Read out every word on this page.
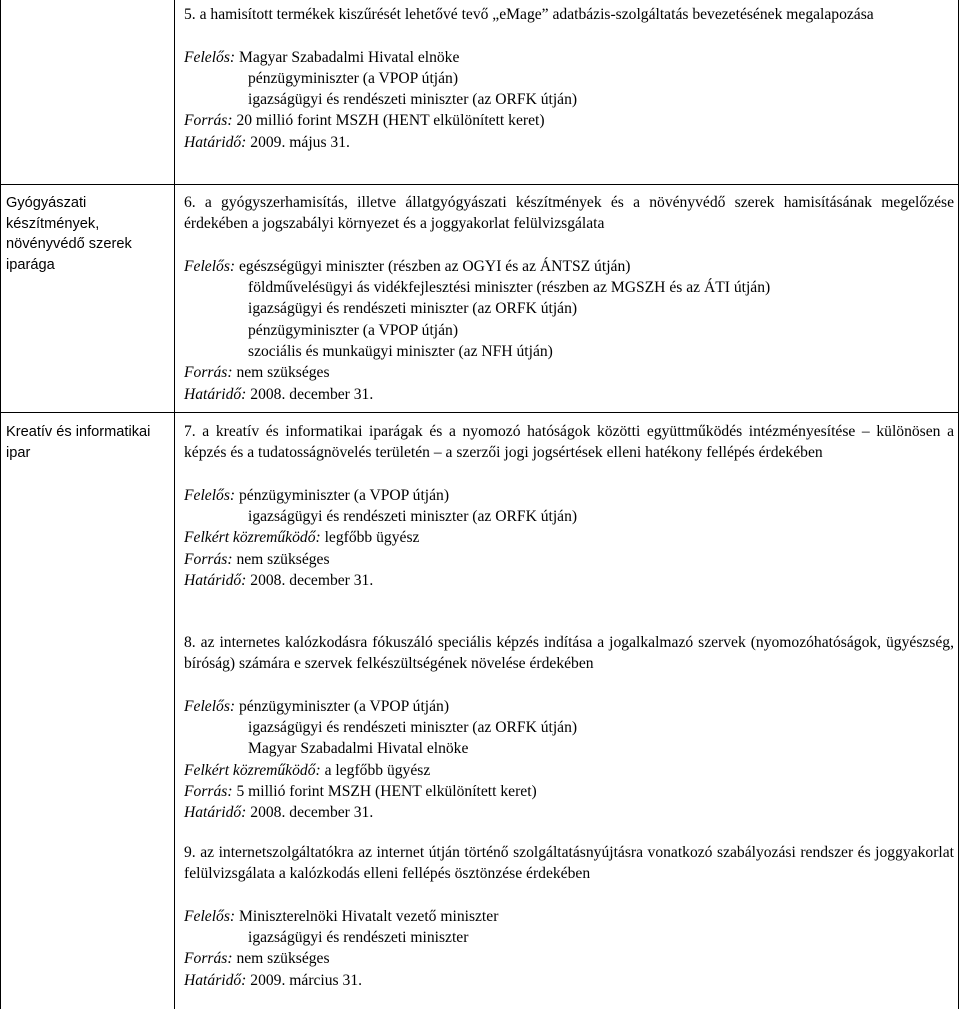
Gyógyászati készítmények, növényvédő szerek iparága
Kreatív és informatikai ipar
5. a hamisított termékek kiszűrését lehetővé tevő „eMage” adatbázis-szolgáltatás bevezetésének megalapozása
Felelős: Magyar Szabadalmi Hivatal elnöke
pénzügyminiszter (a VPOP útján)
igazságügyi és rendészeti miniszter (az ORFK útján)
Forrás: 20 millió forint MSZH (HENT elkülönített keret)
Határidő: 2009. május 31.
6. a gyógyszerhamisítás, illetve állatgyógyászati készítmények és a növényvédő szerek hamisításának megelőzése érdekében a jogszabályi környezet és a joggyakorlat felülvizsgálata
Felelős: egészségügyi miniszter (részben az OGYI és az ÁNTSZ útján)
földművelésügyi ás vidékfejlesztési miniszter (részben az MGSZH és az ÁTI útján)
igazságügyi és rendészeti miniszter (az ORFK útján)
pénzügyminiszter (a VPOP útján)
szociális és munkaügyi miniszter (az NFH útján)
Forrás: nem szükséges
Határidő: 2008. december 31.
7. a kreatív és informatikai iparágak és a nyomozó hatóságok közötti együttműködés intézményesítése – különösen a képzés és a tudatosságnövelés területén – a szerzői jogi jogsértések elleni hatékony fellépés érdekében
Felelős: pénzügyminiszter (a VPOP útján)
igazságügyi és rendészeti miniszter (az ORFK útján)
Felkért közreműködő: legfőbb ügyész
Forrás: nem szükséges
Határidő: 2008. december 31.
8. az internetes kalózkodásra fókuszáló speciális képzés indítása a jogalkalmazó szervek (nyomozóhatóságok, ügyészség, bíróság) számára e szervek felkészültségének növelése érdekében
Felelős: pénzügyminiszter (a VPOP útján)
igazságügyi és rendészeti miniszter (az ORFK útján)
Magyar Szabadalmi Hivatal elnöke
Felkért közreműködő: a legfőbb ügyész
Forrás: 5 millió forint MSZH (HENT elkülönített keret)
Határidő: 2008. december 31.
9. az internetszolgáltatókra az internet útján történő szolgáltatásnyújtásra vonatkozó szabályozási rendszer és joggyakorlat felülvizsgálata a kalózkodás elleni fellépés ösztönzése érdekében
Felelős: Miniszterelnöki Hivatalt vezető miniszter
igazságügyi és rendészeti miniszter
Forrás: nem szükséges
Határidő: 2009. március 31.
